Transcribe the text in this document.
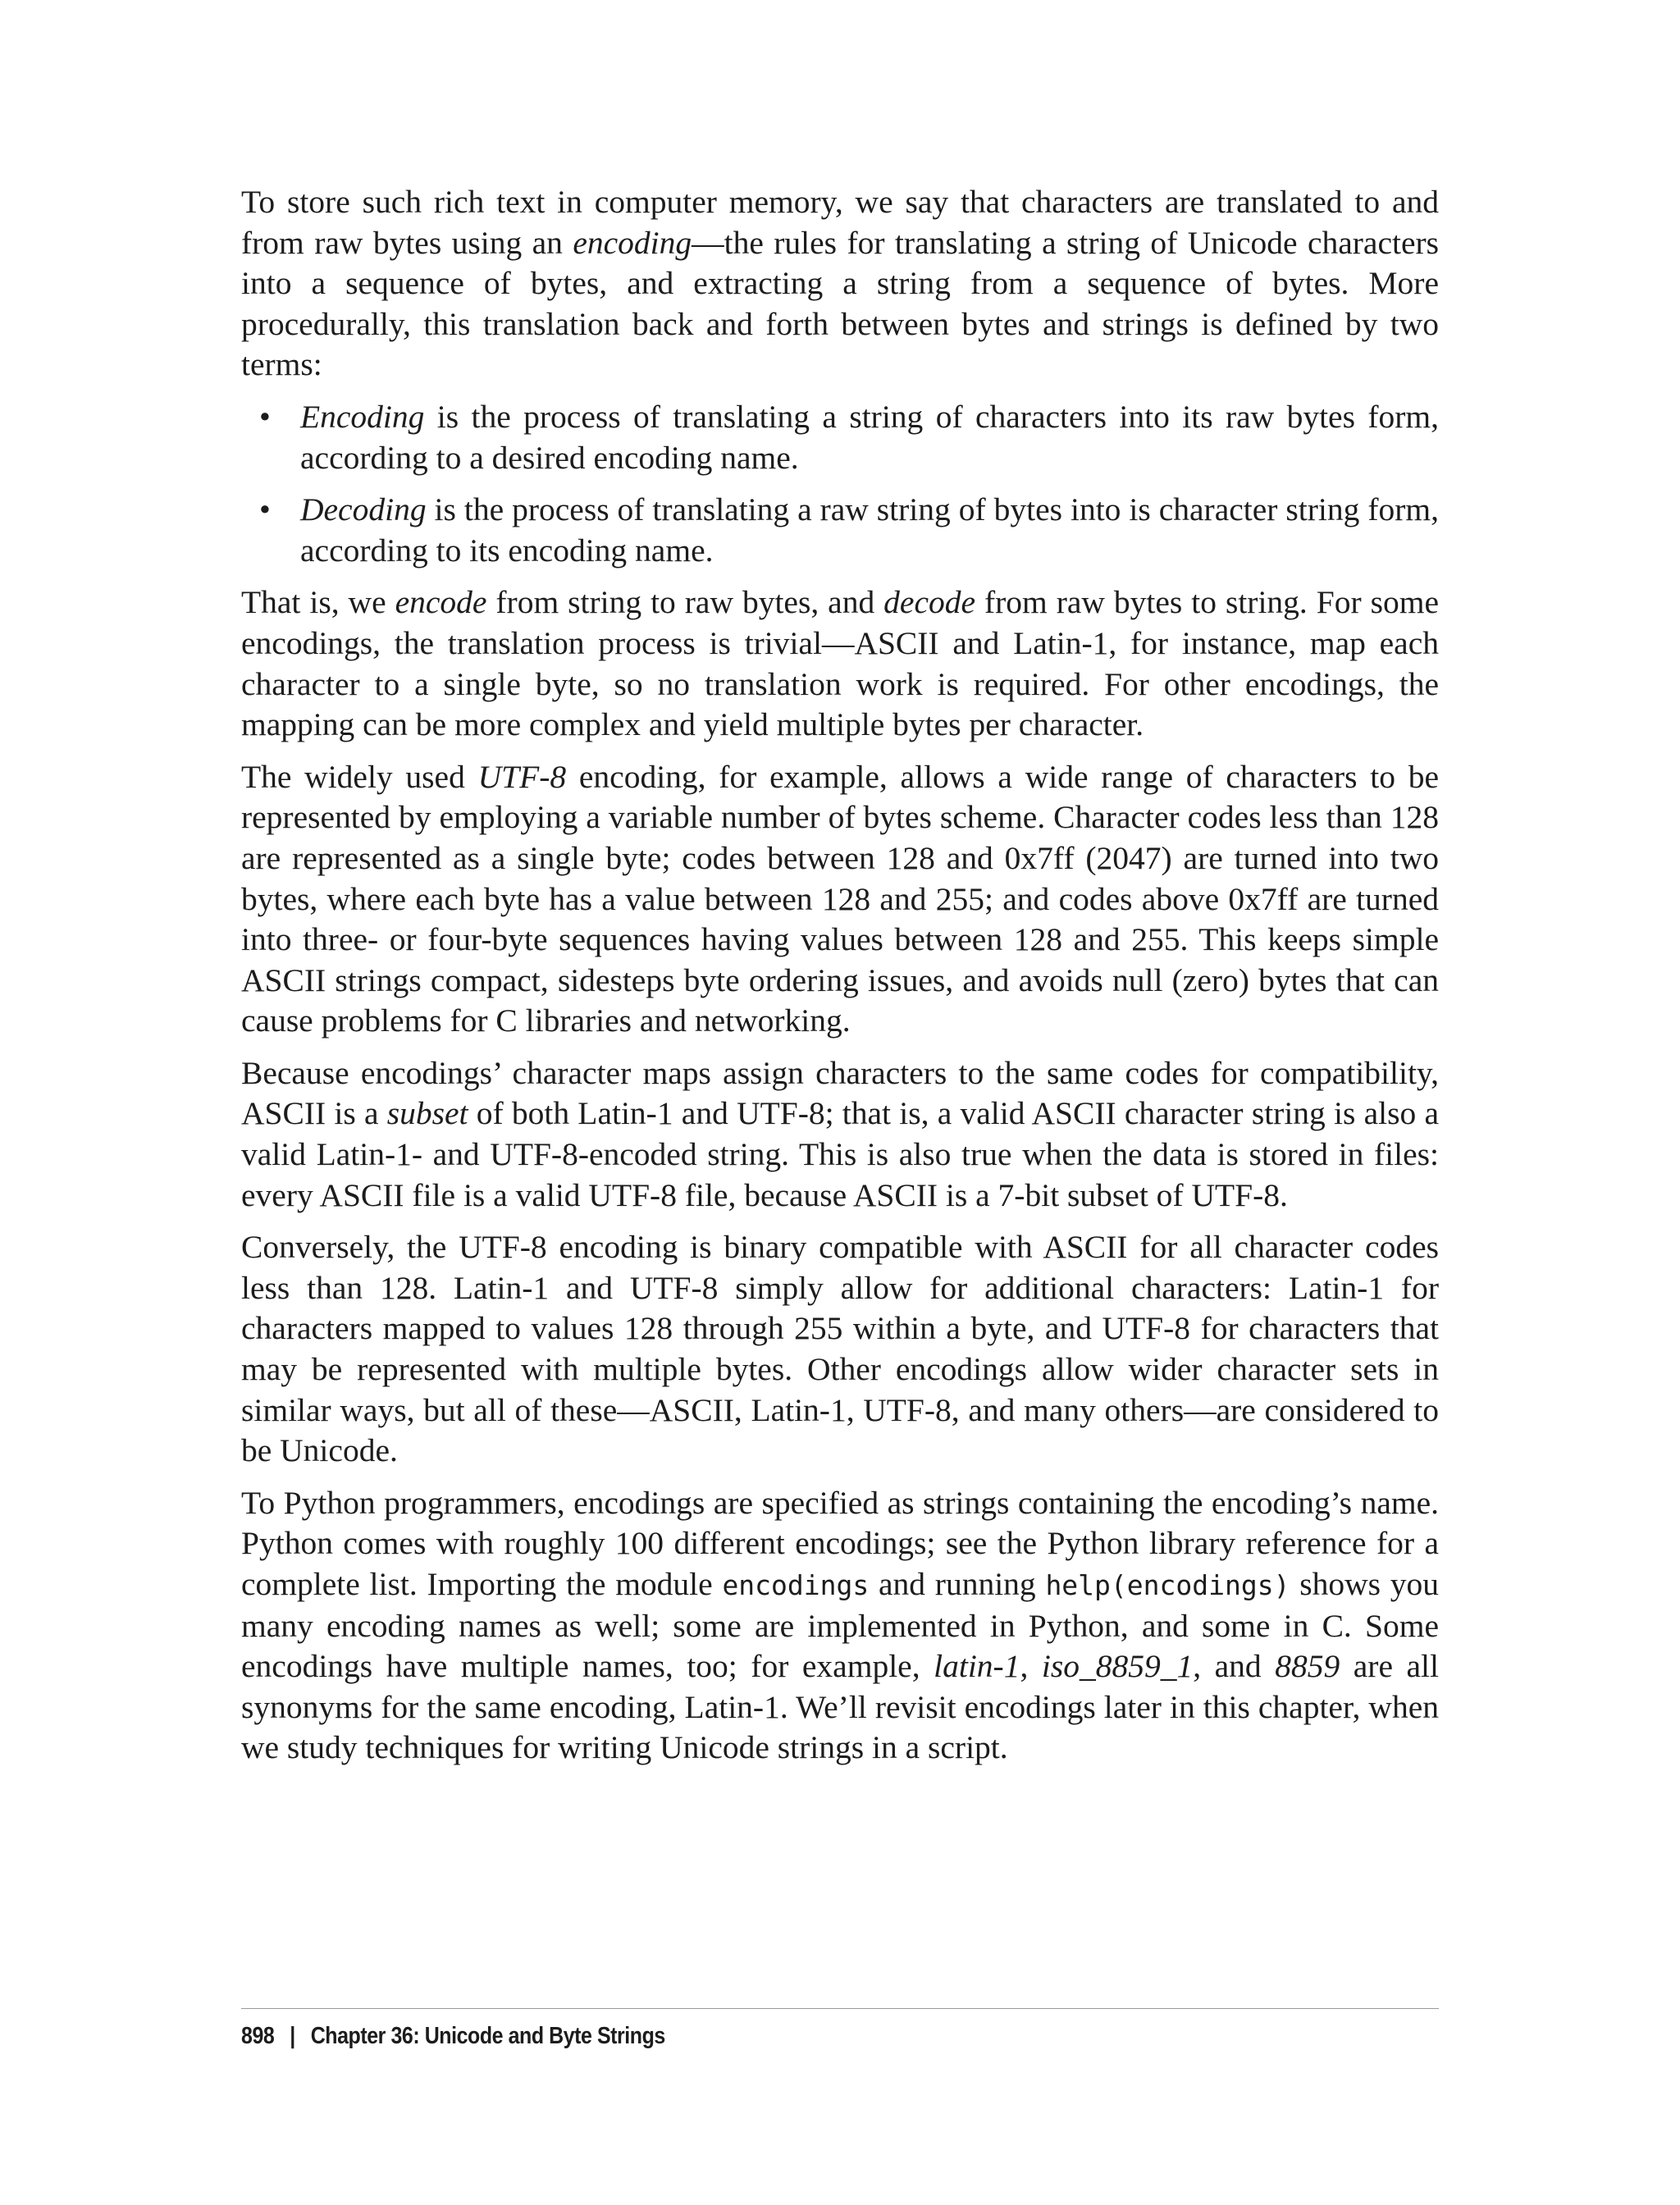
To store such rich text in computer memory, we say that characters are translated to and from raw bytes using an encoding—the rules for translating a string of Unicode characters into a sequence of bytes, and extracting a string from a sequence of bytes. More procedurally, this translation back and forth between bytes and strings is defined by two terms:

• Encoding is the process of translating a string of characters into its raw bytes form, according to a desired encoding name.
• Decoding is the process of translating a raw string of bytes into is character string form, according to its encoding name.

That is, we encode from string to raw bytes, and decode from raw bytes to string. For some encodings, the translation process is trivial—ASCII and Latin-1, for instance, map each character to a single byte, so no translation work is required. For other encodings, the mapping can be more complex and yield multiple bytes per character.

The widely used UTF-8 encoding, for example, allows a wide range of characters to be represented by employing a variable number of bytes scheme. Character codes less than 128 are represented as a single byte; codes between 128 and 0x7ff (2047) are turned into two bytes, where each byte has a value between 128 and 255; and codes above 0x7ff are turned into three- or four-byte sequences having values between 128 and 255. This keeps simple ASCII strings compact, sidesteps byte ordering issues, and avoids null (zero) bytes that can cause problems for C libraries and networking.

Because encodings’ character maps assign characters to the same codes for compatibility, ASCII is a subset of both Latin-1 and UTF-8; that is, a valid ASCII character string is also a valid Latin-1- and UTF-8-encoded string. This is also true when the data is stored in files: every ASCII file is a valid UTF-8 file, because ASCII is a 7-bit subset of UTF-8.

Conversely, the UTF-8 encoding is binary compatible with ASCII for all character codes less than 128. Latin-1 and UTF-8 simply allow for additional characters: Latin-1 for characters mapped to values 128 through 255 within a byte, and UTF-8 for characters that may be represented with multiple bytes. Other encodings allow wider character sets in similar ways, but all of these—ASCII, Latin-1, UTF-8, and many others—are considered to be Unicode.

To Python programmers, encodings are specified as strings containing the encoding’s name. Python comes with roughly 100 different encodings; see the Python library reference for a complete list. Importing the module encodings and running help(encodings) shows you many encoding names as well; some are implemented in Python, and some in C. Some encodings have multiple names, too; for example, latin-1, iso_8859_1, and 8859 are all synonyms for the same encoding, Latin-1. We’ll revisit encodings later in this chapter, when we study techniques for writing Unicode strings in a script.

898 | Chapter 36: Unicode and Byte Strings
